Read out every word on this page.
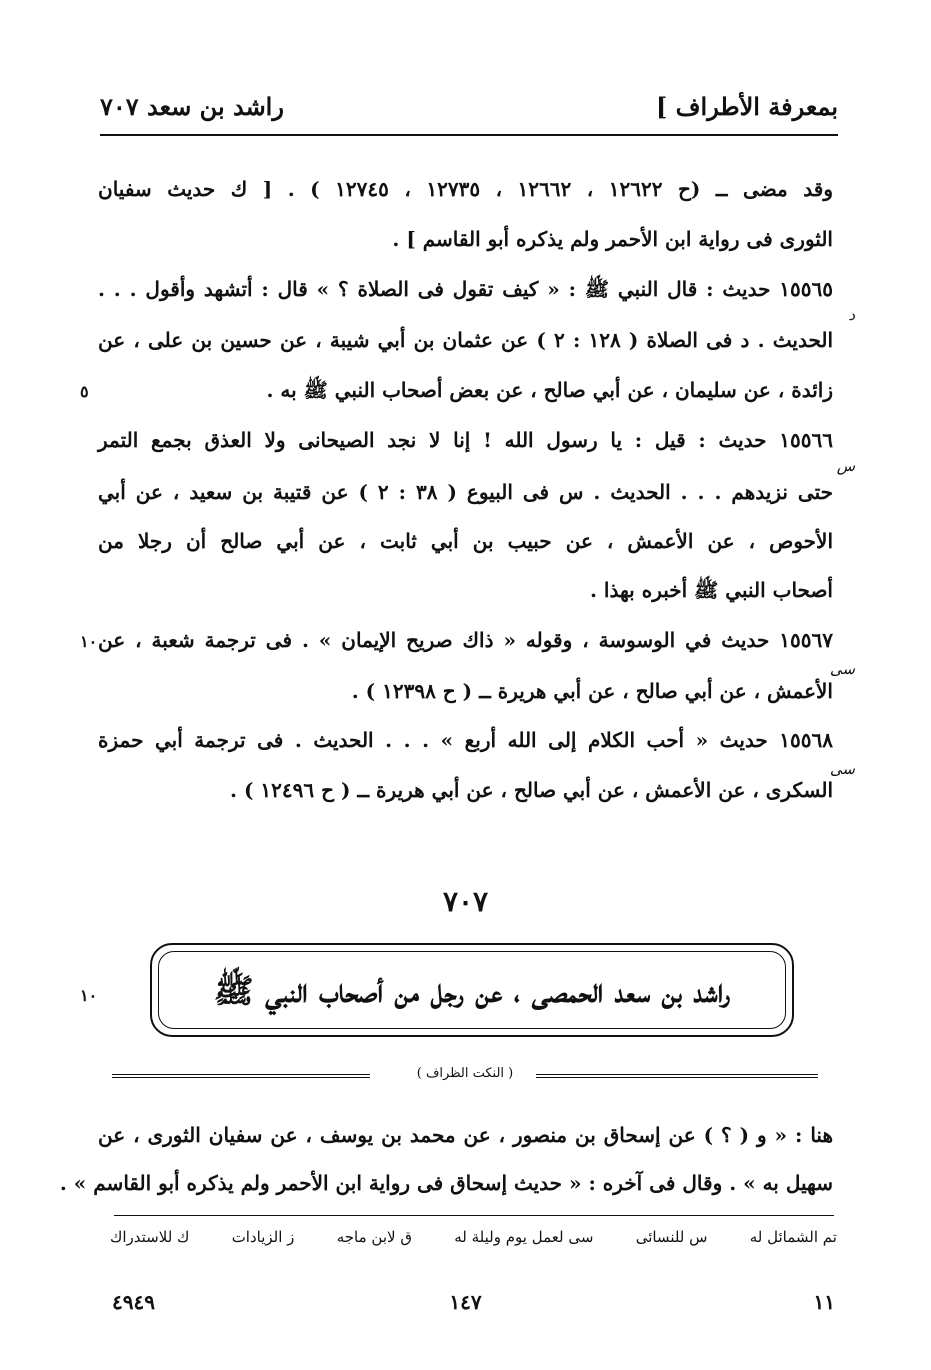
بمعرفة الأطراف ]
راشد بن سعد ٧٠٧
وقد مضى ــ (ح ١٢٦٢٢ ، ١٢٦٦٢ ، ١٢٧٣٥ ، ١٢٧٤٥ ) . [ ك حديث سفيان
الثورى فى رواية ابن الأحمر ولم يذكره أبو القاسم ] .
١٥٥٦٥ حديث : قال النبي ﷺ : « كيف تقول فى الصلاة ؟ » قال : أتشهد وأقول . . .
الحديث . د فى الصلاة ( ١٢٨ : ٢ ) عن عثمان بن أبي شيبة ، عن حسين بن على ، عن
زائدة ، عن سليمان ، عن أبي صالح ، عن بعض أصحاب النبي ﷺ به .
١٥٥٦٦ حديث : قيل : يا رسول الله ! إنا لا نجد الصيحانى ولا العذق بجمع التمر
حتى نزيدهم . . . الحديث . س فى البيوع ( ٣٨ : ٢ ) عن قتيبة بن سعيد ، عن أبي
الأحوص ، عن الأعمش ، عن حبيب بن أبي ثابت ، عن أبي صالح أن رجلا من
أصحاب النبي ﷺ أخبره بهذا .
١٥٥٦٧ حديث في الوسوسة ، وقوله « ذاك صريح الإيمان » . فى ترجمة شعبة ، عن
الأعمش ، عن أبي صالح ، عن أبي هريرة ــ ( ح ١٢٣٩٨ ) .
١٥٥٦٨ حديث « أحب الكلام إلى الله أربع » . . . الحديث . فى ترجمة أبي حمزة
السكرى ، عن الأعمش ، عن أبي صالح ، عن أبي هريرة ــ ( ح ١٢٤٩٦ ) .
د
س
سى
سى
٥
١٠
١٠
٧٠٧
راشد بن سعد الحمصى ، عن رجل من أصحاب النبي ﷺ
( النكت الظراف )
هنا : « و ( ؟ ) عن إسحاق بن منصور ، عن محمد بن يوسف ، عن سفيان الثورى ، عن
سهيل به » . وقال فى آخره : « حديث إسحاق فى رواية ابن الأحمر ولم يذكره أبو القاسم » .
تم الشمائل له
س للنسائى
سى لعمل يوم وليلة له
ق لابن ماجه
ز الزيادات
ك للاستدراك
١١
١٤٧
٤٩٤٩
